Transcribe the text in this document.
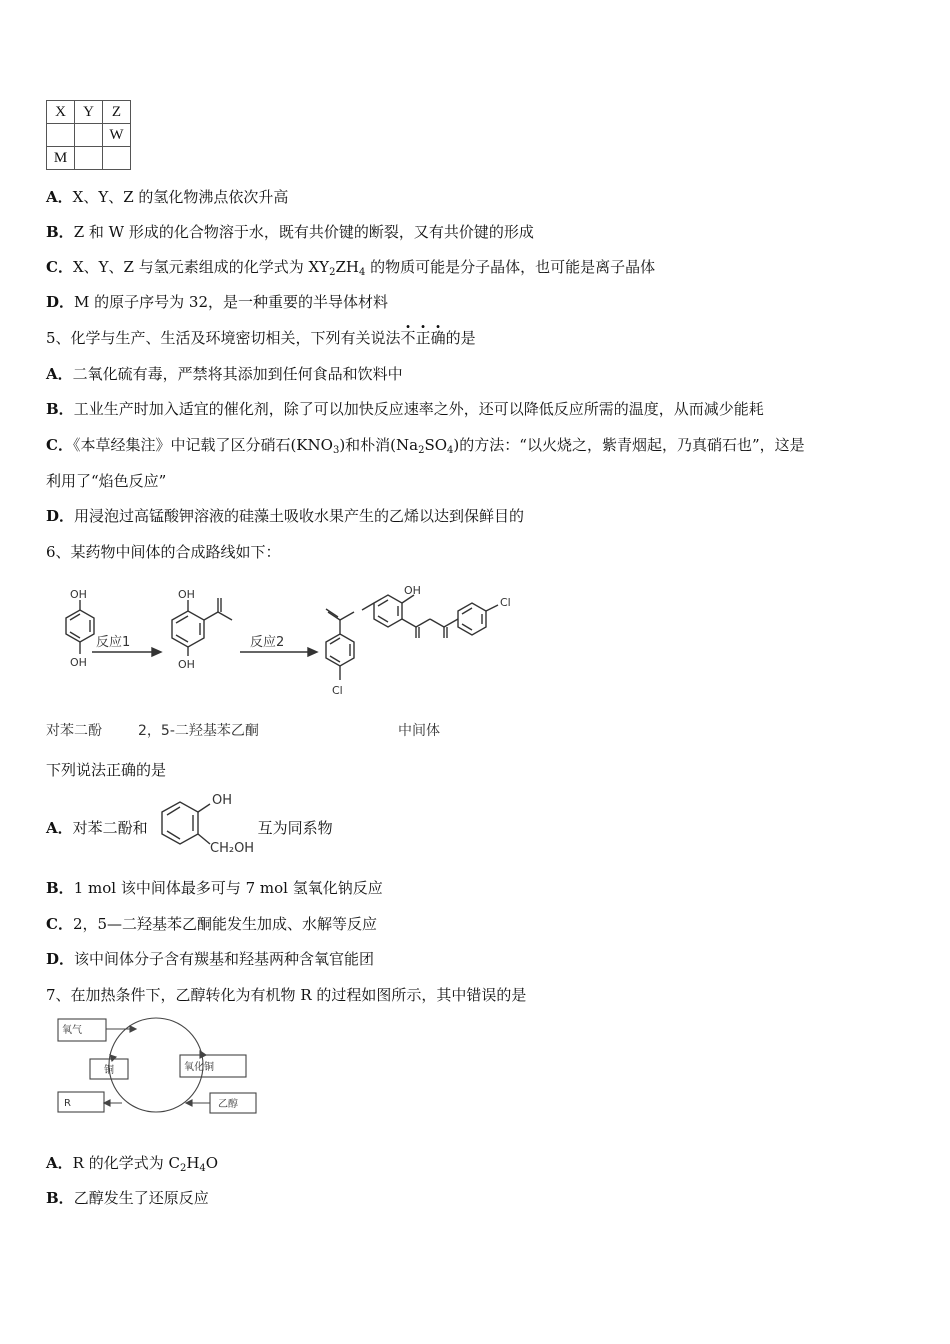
X	Y	Z
		W
M		
A．X、Y、Z 的氢化物沸点依次升高
B．Z 和 W 形成的化合物溶于水，既有共价键的断裂，又有共价键的形成
C．X、Y、Z 与氢元素组成的化学式为 $XY_2ZH_4$ 的物质可能是分子晶体，也可能是离子晶体
D．M 的原子序号为 32，是一种重要的半导体材料
5、化学与生产、生活及环境密切相关，下列有关说法不正确的是
A．二氧化硫有毒，严禁将其添加到任何食品和饮料中
B．工业生产时加入适宜的催化剂，除了可以加快反应速率之外，还可以降低反应所需的温度，从而减少能耗
C．《本草经集注》中记载了区分硝石$(KNO_3)$和朴消$(Na_2SO_4)$的方法：“以火烧之，紫青烟起，乃真硝石也”，这是
利用了“焰色反应”
D．用浸泡过高锰酸钾溶液的硅藻土吸收水果产生的乙烯以达到保鲜目的
6、某药物中间体的合成路线如下：
OH
OH
OH
OH
OH
Cl
Cl
反应1	反应2
对苯二酚	2，5-二羟基苯乙酮	中间体
下列说法正确的是
A．对苯二酚和	互为同系物
OH
CH₂OH
B．1 mol 该中间体最多可与 7 mol 氢氧化钠反应
C．2，5—二羟基苯乙酮能发生加成、水解等反应
D．该中间体分子含有羰基和羟基两种含氧官能团
7、在加热条件下，乙醇转化为有机物 R 的过程如图所示，其中错误的是
氧气
铜	氧化铜
R	乙醇
A．R 的化学式为 $C_2H_4O$
B．乙醇发生了还原反应
